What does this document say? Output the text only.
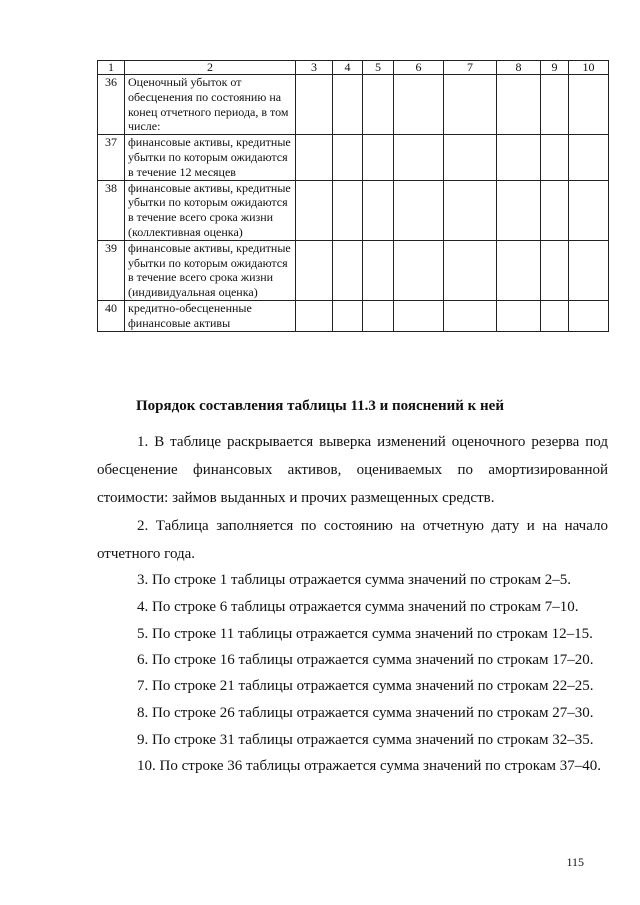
1	2	3	4	5	6	7	8	9	10
36	Оценочный убыток от обесценения по состоянию на конец отчетного периода, в том числе:								
37	финансовые активы, кредитные убытки по которым ожидаются в течение 12 месяцев								
38	финансовые активы, кредитные убытки по которым ожидаются в течение всего срока жизни (коллективная оценка)								
39	финансовые активы, кредитные убытки по которым ожидаются в течение всего срока жизни (индивидуальная оценка)								
40	кредитно-обесцененные финансовые активы								

Порядок составления таблицы 11.3 и пояснений к ней

1. В таблице раскрывается выверка изменений оценочного резерва под обесценение финансовых активов, оцениваемых по амортизированной стоимости: займов выданных и прочих размещенных средств.

2. Таблица заполняется по состоянию на отчетную дату и на начало отчетного года.

3. По строке 1 таблицы отражается сумма значений по строкам 2–5.

4. По строке 6 таблицы отражается сумма значений по строкам 7–10.

5. По строке 11 таблицы отражается сумма значений по строкам 12–15.

6. По строке 16 таблицы отражается сумма значений по строкам 17–20.

7. По строке 21 таблицы отражается сумма значений по строкам 22–25.

8. По строке 26 таблицы отражается сумма значений по строкам 27–30.

9. По строке 31 таблицы отражается сумма значений по строкам 32–35.

10. По строке 36 таблицы отражается сумма значений по строкам 37–40.

115
